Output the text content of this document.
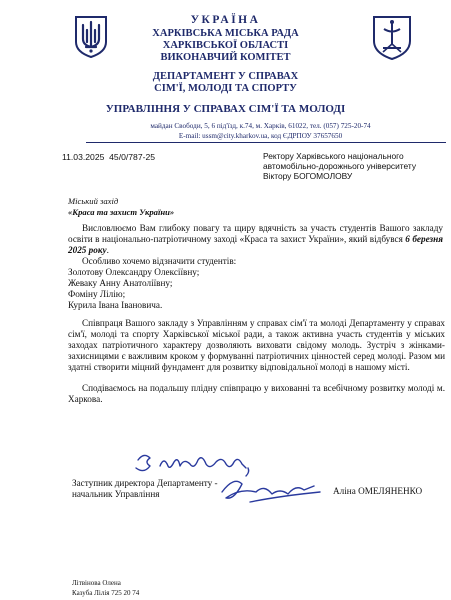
УКРАЇНА
ХАРКІВСЬКА МІСЬКА РАДА
ХАРКІВСЬКОЇ ОБЛАСТІ
ВИКОНАВЧИЙ КОМІТЕТ
ДЕПАРТАМЕНТ У СПРАВАХ
СІМ'Ї, МОЛОДІ ТА СПОРТУ
УПРАВЛІННЯ У СПРАВАХ СІМ'Ї ТА МОЛОДІ
майдан Свободи, 5, 6 під'їзд, к.74, м. Харків, 61022, тел. (057) 725-20-74
E-mail: ussm@city.kharkov.ua, код ЄДРПОУ 37657650
11.03.2025 45/0/787-25	Ректору Харківського національного
автомобільно-дорожнього університету
Віктору БОГОМОЛОВУ
Міський захід
«Краса та захист України»
Висловлюємо Вам глибоку повагу та щиру вдячність за участь студентів Вашого закладу освіти в національно-патріотичному заході «Краса та захист України», який відбувся 6 березня 2025 року.
Особливо хочемо відзначити студентів:
Золотову Олександру Олексіївну;
Жеваку Анну Анатоліївну;
Фоміну Лілію;
Курила Івана Івановича.
Співпраця Вашого закладу з Управлінням у справах сім'ї та молоді Департаменту у справах сім'ї, молоді та спорту Харківської міської ради, а також активна участь студентів у міських заходах патріотичного характеру дозволяють виховати свідому молодь. Зустріч з жінками-захисницями є важливим кроком у формуванні патріотичних цінностей серед молоді. Разом ми здатні створити міцний фундамент для розвитку відповідальної молоді в нашому місті.
Сподіваємось на подальшу плідну співпрацю у вихованні та всебічному розвитку молоді м. Харкова.
Заступник директора Департаменту -
начальник Управління	Аліна ОМЕЛЯНЕНКО
Літвінова Олена
Казуба Лілія 725 20 74
